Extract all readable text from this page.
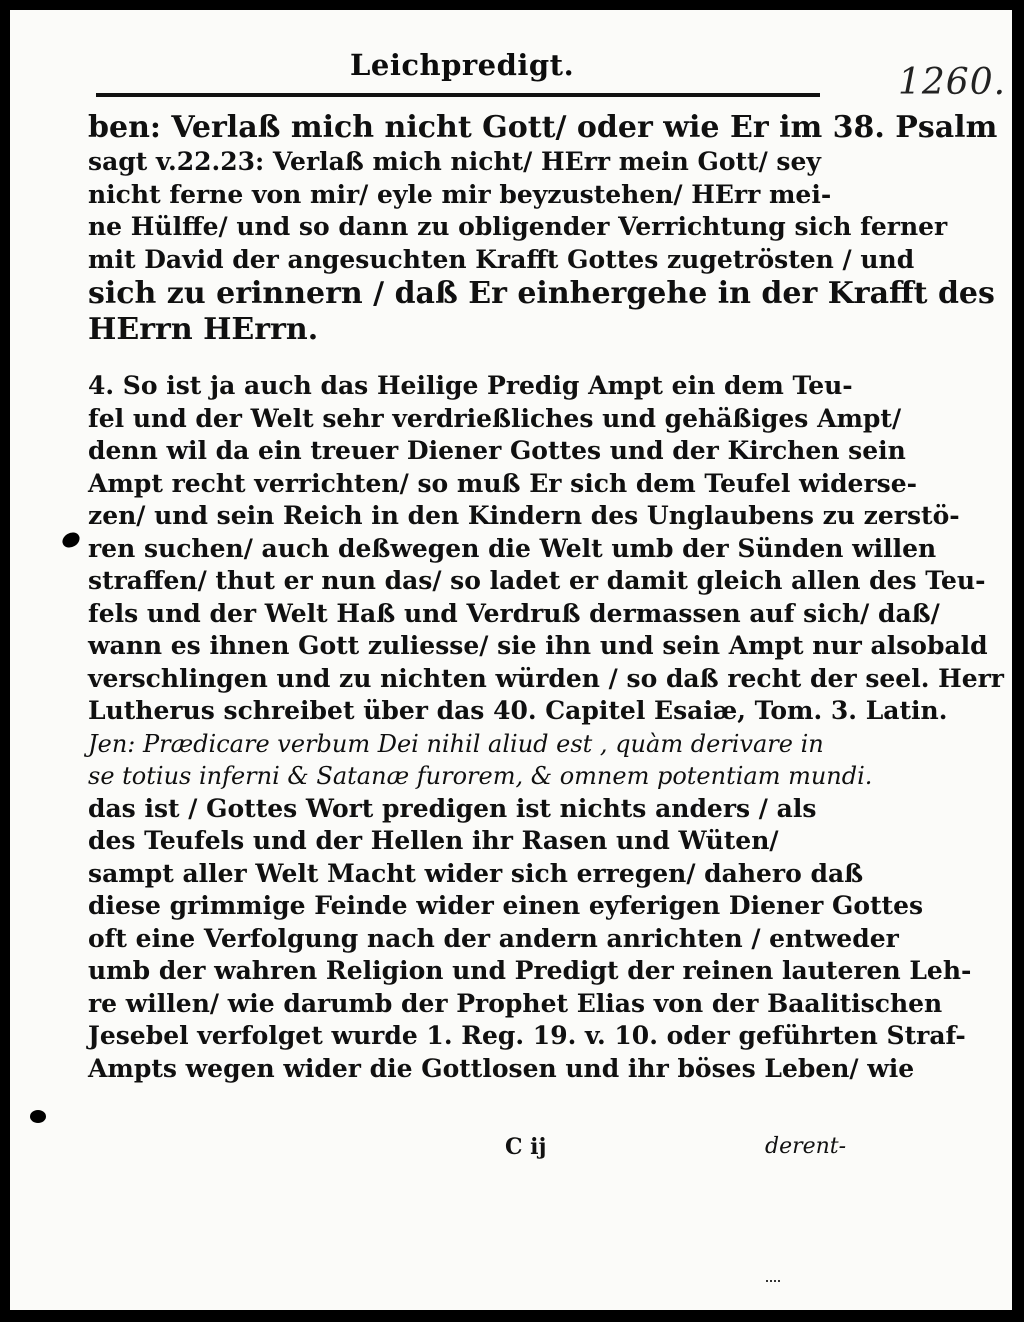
Leichpredigt.	1260.
ben: Verlaß mich nicht Gott/ oder wie Er im 38. Psalm
sagt v.22.23: Verlaß mich nicht/ HErr mein Gott/ sey
nicht ferne von mir/ eyle mir beyzustehen/ HErr mei-
ne Hülffe/ und so dann zu obligender Verrichtung sich ferner
mit David der angesuchten Krafft Gottes zugetrösten / und
sich zu erinnern / daß Er einhergehe in der Krafft des
HErrn HErrn.
4. So ist ja auch das Heilige Predig Ampt ein dem Teu-
fel und der Welt sehr verdrießliches und gehäßiges Ampt/
denn wil da ein treuer Diener Gottes und der Kirchen sein
Ampt recht verrichten/ so muß Er sich dem Teufel widerse-
zen/ und sein Reich in den Kindern des Unglaubens zu zerstö-
ren suchen/ auch deßwegen die Welt umb der Sünden willen
straffen/ thut er nun das/ so ladet er damit gleich allen des Teu-
fels und der Welt Haß und Verdruß dermassen auf sich/ daß/
wann es ihnen Gott zuliesse/ sie ihn und sein Ampt nur alsobald
verschlingen und zu nichten würden / so daß recht der seel. Herr
Lutherus schreibet über das 40. Capitel Esaiæ, Tom. 3. Latin.
Jen: Prædicare verbum Dei nihil aliud est , quàm derivare in
se totius inferni & Satanæ furorem, & omnem potentiam mundi.
das ist / Gottes Wort predigen ist nichts anders / als
des Teufels und der Hellen ihr Rasen und Wüten/
sampt aller Welt Macht wider sich erregen/ dahero daß
diese grimmige Feinde wider einen eyferigen Diener Gottes
oft eine Verfolgung nach der andern anrichten / entweder
umb der wahren Religion und Predigt der reinen lauteren Leh-
re willen/ wie darumb der Prophet Elias von der Baalitischen
Jesebel verfolget wurde 1. Reg. 19. v. 10. oder geführten Straf-
Ampts wegen wider die Gottlosen und ihr böses Leben/ wie
C ij	derent-
